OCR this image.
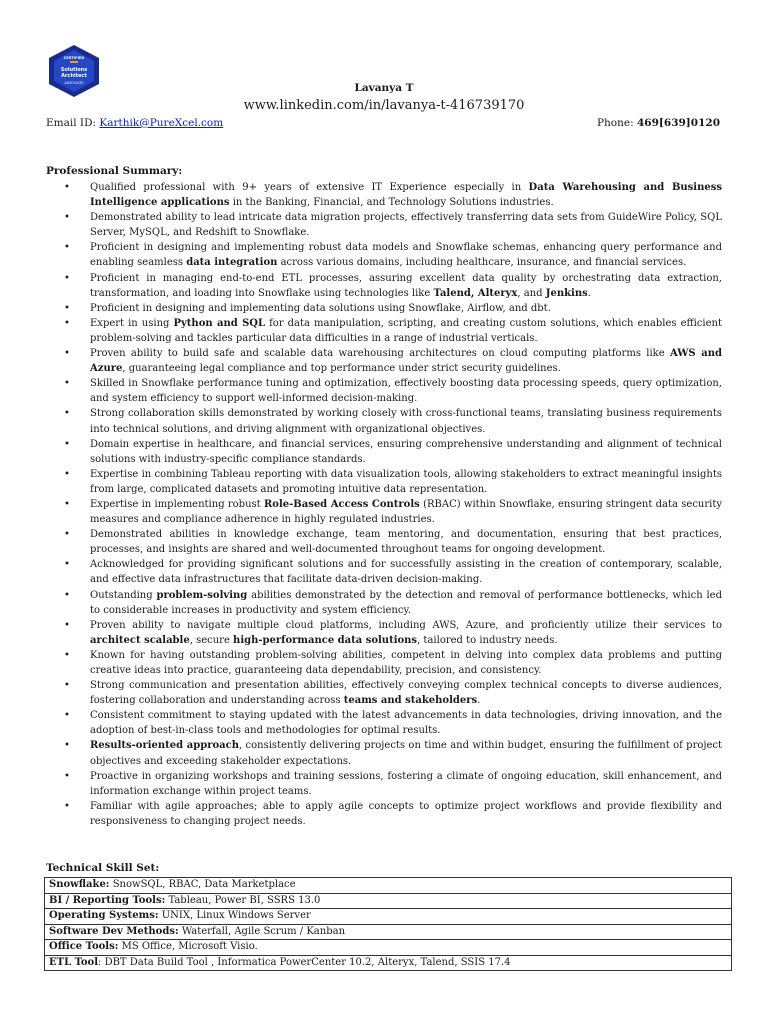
CERTIFIED
Solutions
Architect
ASSOCIATE	Lavanya T
www.linkedin.com/in/lavanya-t-416739170
Email ID: Karthik@PureXcel.com	Phone: 469[639]0120
Professional Summary:
• Qualified professional with 9+ years of extensive IT Experience especially in Data Warehousing and Business Intelligence applications in the Banking, Financial, and Technology Solutions industries.
• Demonstrated ability to lead intricate data migration projects, effectively transferring data sets from GuideWire Policy, SQL Server, MySQL, and Redshift to Snowflake.
• Proficient in designing and implementing robust data models and Snowflake schemas, enhancing query performance and enabling seamless data integration across various domains, including healthcare, insurance, and financial services.
• Proficient in managing end-to-end ETL processes, assuring excellent data quality by orchestrating data extraction, transformation, and loading into Snowflake using technologies like Talend, Alteryx, and Jenkins.
• Proficient in designing and implementing data solutions using Snowflake, Airflow, and dbt.
• Expert in using Python and SQL for data manipulation, scripting, and creating custom solutions, which enables efficient problem-solving and tackles particular data difficulties in a range of industrial verticals.
• Proven ability to build safe and scalable data warehousing architectures on cloud computing platforms like AWS and Azure, guaranteeing legal compliance and top performance under strict security guidelines.
• Skilled in Snowflake performance tuning and optimization, effectively boosting data processing speeds, query optimization, and system efficiency to support well-informed decision-making.
• Strong collaboration skills demonstrated by working closely with cross-functional teams, translating business requirements into technical solutions, and driving alignment with organizational objectives.
• Domain expertise in healthcare, and financial services, ensuring comprehensive understanding and alignment of technical solutions with industry-specific compliance standards.
• Expertise in combining Tableau reporting with data visualization tools, allowing stakeholders to extract meaningful insights from large, complicated datasets and promoting intuitive data representation.
• Expertise in implementing robust Role-Based Access Controls (RBAC) within Snowflake, ensuring stringent data security measures and compliance adherence in highly regulated industries.
• Demonstrated abilities in knowledge exchange, team mentoring, and documentation, ensuring that best practices, processes, and insights are shared and well-documented throughout teams for ongoing development.
• Acknowledged for providing significant solutions and for successfully assisting in the creation of contemporary, scalable, and effective data infrastructures that facilitate data-driven decision-making.
• Outstanding problem-solving abilities demonstrated by the detection and removal of performance bottlenecks, which led to considerable increases in productivity and system efficiency.
• Proven ability to navigate multiple cloud platforms, including AWS, Azure, and proficiently utilize their services to architect scalable, secure high-performance data solutions, tailored to industry needs.
• Known for having outstanding problem-solving abilities, competent in delving into complex data problems and putting creative ideas into practice, guaranteeing data dependability, precision, and consistency.
• Strong communication and presentation abilities, effectively conveying complex technical concepts to diverse audiences, fostering collaboration and understanding across teams and stakeholders.
• Consistent commitment to staying updated with the latest advancements in data technologies, driving innovation, and the adoption of best-in-class tools and methodologies for optimal results.
• Results-oriented approach, consistently delivering projects on time and within budget, ensuring the fulfillment of project objectives and exceeding stakeholder expectations.
• Proactive in organizing workshops and training sessions, fostering a climate of ongoing education, skill enhancement, and information exchange within project teams.
• Familiar with agile approaches; able to apply agile concepts to optimize project workflows and provide flexibility and responsiveness to changing project needs.
Technical Skill Set:
Snowflake: SnowSQL, RBAC, Data Marketplace
BI / Reporting Tools: Tableau, Power BI, SSRS 13.0
Operating Systems: UNIX, Linux Windows Server
Software Dev Methods: Waterfall, Agile Scrum / Kanban
Office Tools: MS Office, Microsoft Visio.
ETL Tool: DBT Data Build Tool , Informatica PowerCenter 10.2, Alteryx, Talend, SSIS 17.4
